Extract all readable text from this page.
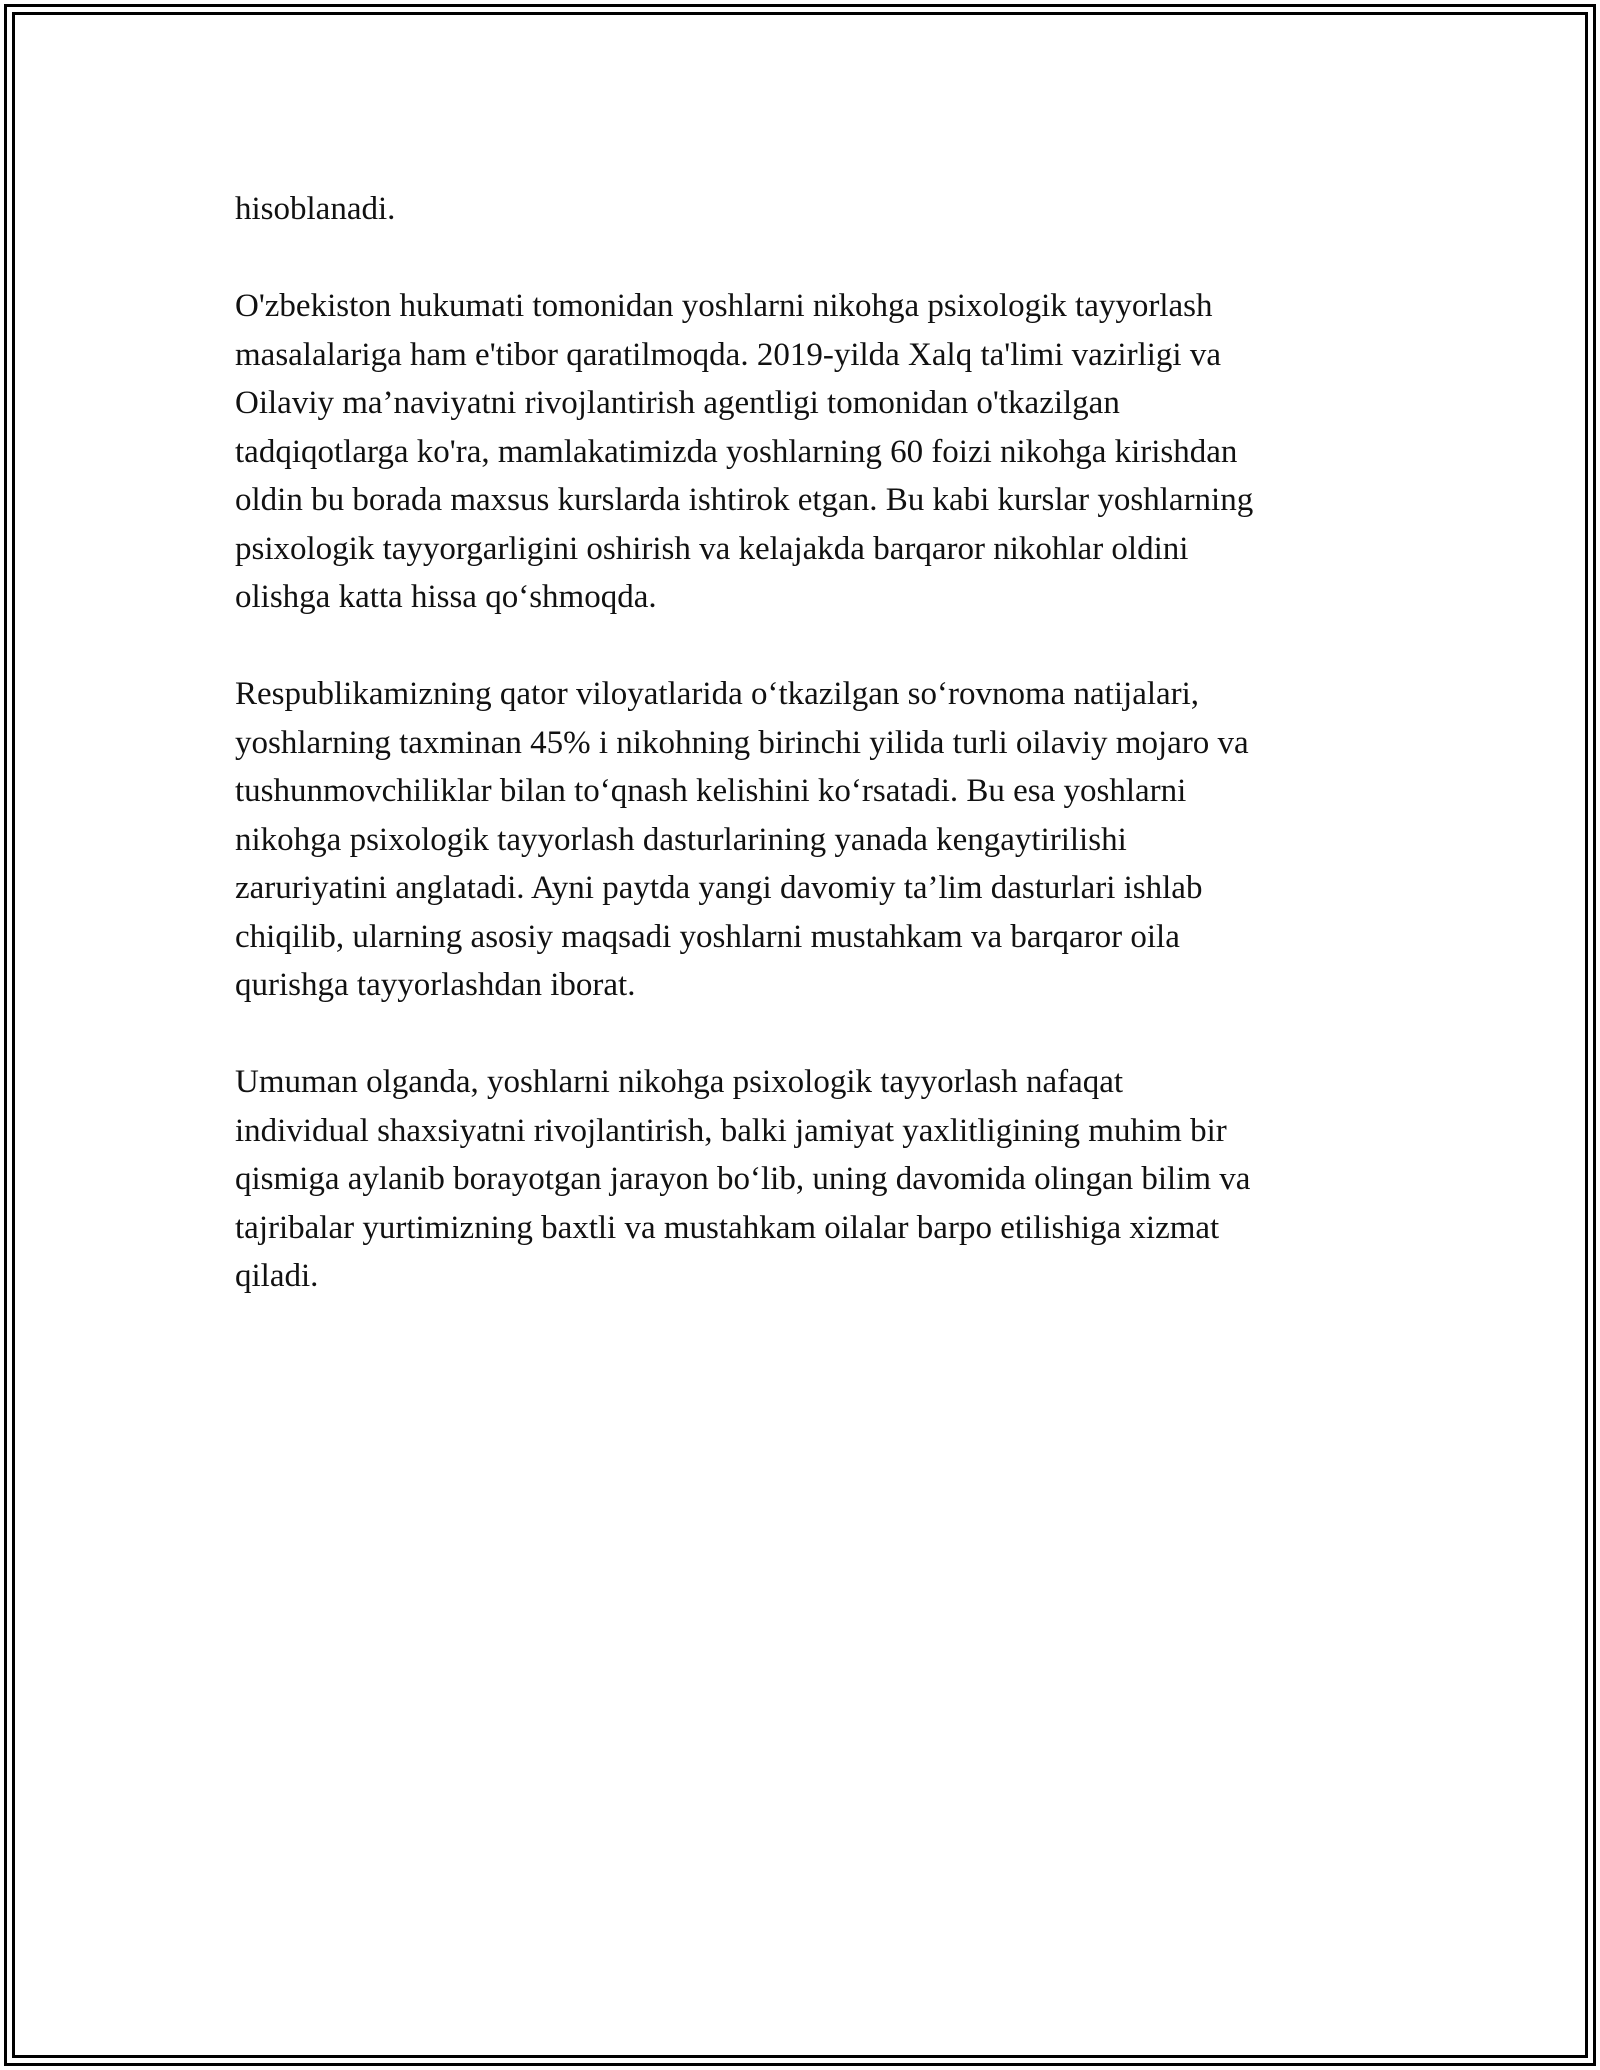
hisoblanadi.

O'zbekiston hukumati tomonidan yoshlarni nikohga psixologik tayyorlash
masalalariga ham e'tibor qaratilmoqda. 2019-yilda Xalq ta'limi vazirligi va
Oilaviy ma’naviyatni rivojlantirish agentligi tomonidan o'tkazilgan
tadqiqotlarga ko'ra, mamlakatimizda yoshlarning 60 foizi nikohga kirishdan
oldin bu borada maxsus kurslarda ishtirok etgan. Bu kabi kurslar yoshlarning
psixologik tayyorgarligini oshirish va kelajakda barqaror nikohlar oldini
olishga katta hissa qoʻshmoqda.

Respublikamizning qator viloyatlarida oʻtkazilgan soʻrovnoma natijalari,
yoshlarning taxminan 45% i nikohning birinchi yilida turli oilaviy mojaro va
tushunmovchiliklar bilan toʻqnash kelishini koʻrsatadi. Bu esa yoshlarni
nikohga psixologik tayyorlash dasturlarining yanada kengaytirilishi
zaruriyatini anglatadi. Ayni paytda yangi davomiy ta’lim dasturlari ishlab
chiqilib, ularning asosiy maqsadi yoshlarni mustahkam va barqaror oila
qurishga tayyorlashdan iborat.

Umuman olganda, yoshlarni nikohga psixologik tayyorlash nafaqat
individual shaxsiyatni rivojlantirish, balki jamiyat yaxlitligining muhim bir
qismiga aylanib borayotgan jarayon boʻlib, uning davomida olingan bilim va
tajribalar yurtimizning baxtli va mustahkam oilalar barpo etilishiga xizmat
qiladi.
